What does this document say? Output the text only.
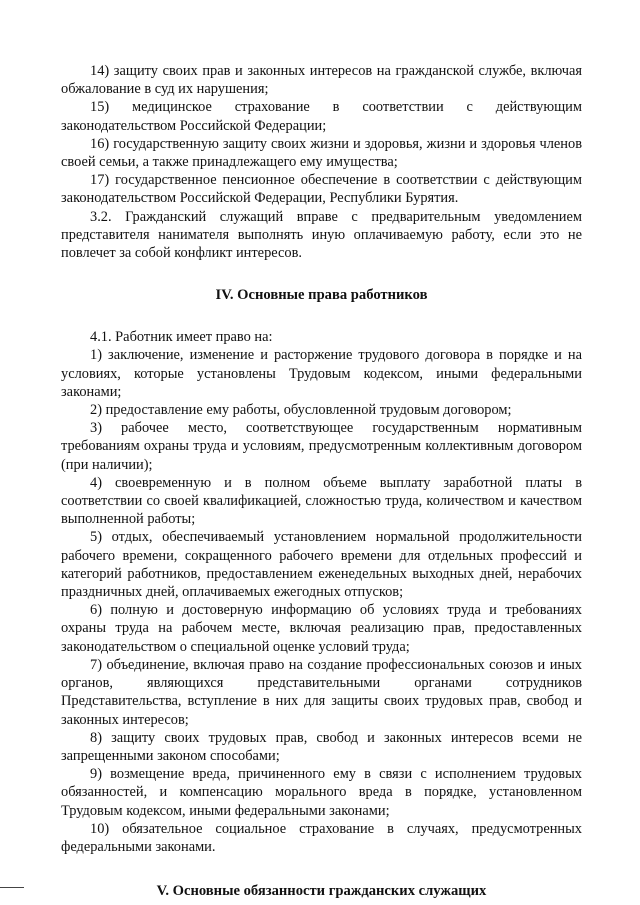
14) защиту своих прав и законных интересов на гражданской службе, включая обжалование в суд их нарушения;

15) медицинское страхование в соответствии с действующим законодательством Российской Федерации;

16) государственную защиту своих жизни и здоровья, жизни и здоровья членов своей семьи, а также принадлежащего ему имущества;

17) государственное пенсионное обеспечение в соответствии с действующим законодательством Российской Федерации, Республики Бурятия.

3.2. Гражданский служащий вправе с предварительным уведомлением представителя нанимателя выполнять иную оплачиваемую работу, если это не повлечет за собой конфликт интересов.

IV. Основные права работников

4.1. Работник имеет право на:

1) заключение, изменение и расторжение трудового договора в порядке и на условиях, которые установлены Трудовым кодексом, иными федеральными законами;

2) предоставление ему работы, обусловленной трудовым договором;

3) рабочее место, соответствующее государственным нормативным требованиям охраны труда и условиям, предусмотренным коллективным договором (при наличии);

4) своевременную и в полном объеме выплату заработной платы в соответствии со своей квалификацией, сложностью труда, количеством и качеством выполненной работы;

5) отдых, обеспечиваемый установлением нормальной продолжительности рабочего времени, сокращенного рабочего времени для отдельных профессий и категорий работников, предоставлением еженедельных выходных дней, нерабочих праздничных дней, оплачиваемых ежегодных отпусков;

6) полную и достоверную информацию об условиях труда и требованиях охраны труда на рабочем месте, включая реализацию прав, предоставленных законодательством о специальной оценке условий труда;

7) объединение, включая право на создание профессиональных союзов и иных органов, являющихся представительными органами сотрудников Представительства, вступление в них для защиты своих трудовых прав, свобод и законных интересов;

8) защиту своих трудовых прав, свобод и законных интересов всеми не запрещенными законом способами;

9) возмещение вреда, причиненного ему в связи с исполнением трудовых обязанностей, и компенсацию морального вреда в порядке, установленном Трудовым кодексом, иными федеральными законами;

10) обязательное социальное страхование в случаях, предусмотренных федеральными законами.

V. Основные обязанности гражданских служащих
